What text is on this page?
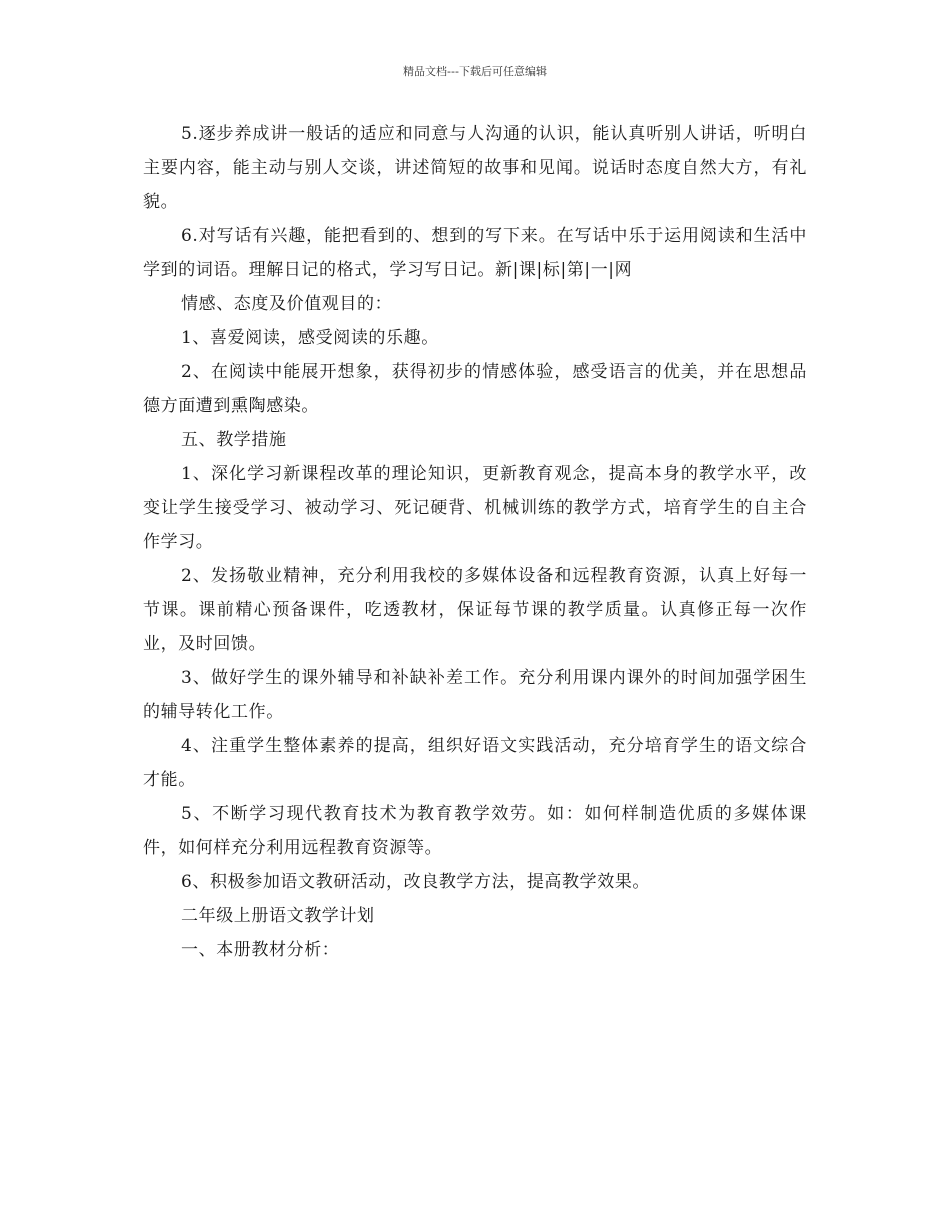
精品文档---下载后可任意编辑

5.逐步养成讲一般话的适应和同意与人沟通的认识，能认真听别人讲话，听明白主要内容，能主动与别人交谈，讲述简短的故事和见闻。说话时态度自然大方，有礼貌。

6.对写话有兴趣，能把看到的、想到的写下来。在写话中乐于运用阅读和生活中学到的词语。理解日记的格式，学习写日记。新|课|标|第|一|网

情感、态度及价值观目的：

1、喜爱阅读，感受阅读的乐趣。

2、在阅读中能展开想象，获得初步的情感体验，感受语言的优美，并在思想品德方面遭到熏陶感染。

五、教学措施

1、深化学习新课程改革的理论知识，更新教育观念，提高本身的教学水平，改变让学生接受学习、被动学习、死记硬背、机械训练的教学方式，培育学生的自主合作学习。

2、发扬敬业精神，充分利用我校的多媒体设备和远程教育资源，认真上好每一节课。课前精心预备课件，吃透教材，保证每节课的教学质量。认真修正每一次作业，及时回馈。

3、做好学生的课外辅导和补缺补差工作。充分利用课内课外的时间加强学困生的辅导转化工作。

4、注重学生整体素养的提高，组织好语文实践活动，充分培育学生的语文综合才能。

5、不断学习现代教育技术为教育教学效劳。如：如何样制造优质的多媒体课件，如何样充分利用远程教育资源等。

6、积极参加语文教研活动，改良教学方法，提高教学效果。

二年级上册语文教学计划

一、本册教材分析：
